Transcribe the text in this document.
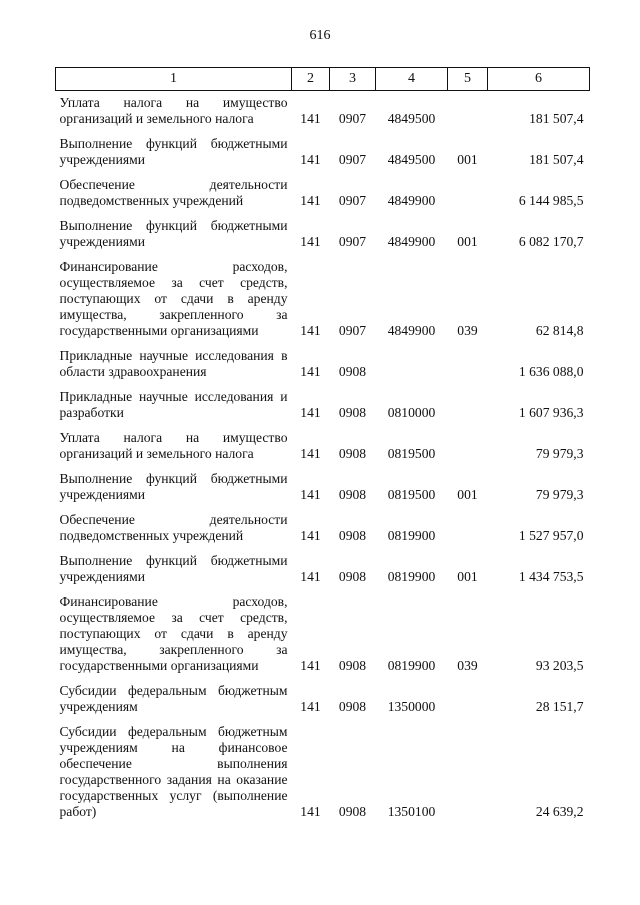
616
1	2	3	4	5	6
Уплата налога на имущество организаций и земельного налога	141	0907	4849500		181 507,4
Выполнение функций бюджетными учреждениями	141	0907	4849500	001	181 507,4
Обеспечение деятельности подведомственных учреждений	141	0907	4849900		6 144 985,5
Выполнение функций бюджетными учреждениями	141	0907	4849900	001	6 082 170,7
Финансирование расходов, осуществляемое за счет средств, поступающих от сдачи в аренду имущества, закрепленного за государственными организациями	141	0907	4849900	039	62 814,8
Прикладные научные исследования в области здравоохранения	141	0908			1 636 088,0
Прикладные научные исследования и разработки	141	0908	0810000		1 607 936,3
Уплата налога на имущество организаций и земельного налога	141	0908	0819500		79 979,3
Выполнение функций бюджетными учреждениями	141	0908	0819500	001	79 979,3
Обеспечение деятельности подведомственных учреждений	141	0908	0819900		1 527 957,0
Выполнение функций бюджетными учреждениями	141	0908	0819900	001	1 434 753,5
Финансирование расходов, осуществляемое за счет средств, поступающих от сдачи в аренду имущества, закрепленного за государственными организациями	141	0908	0819900	039	93 203,5
Субсидии федеральным бюджетным учреждениям	141	0908	1350000		28 151,7
Субсидии федеральным бюджетным учреждениям на финансовое обеспечение выполнения государственного задания на оказание государственных услуг (выполнение работ)	141	0908	1350100		24 639,2
